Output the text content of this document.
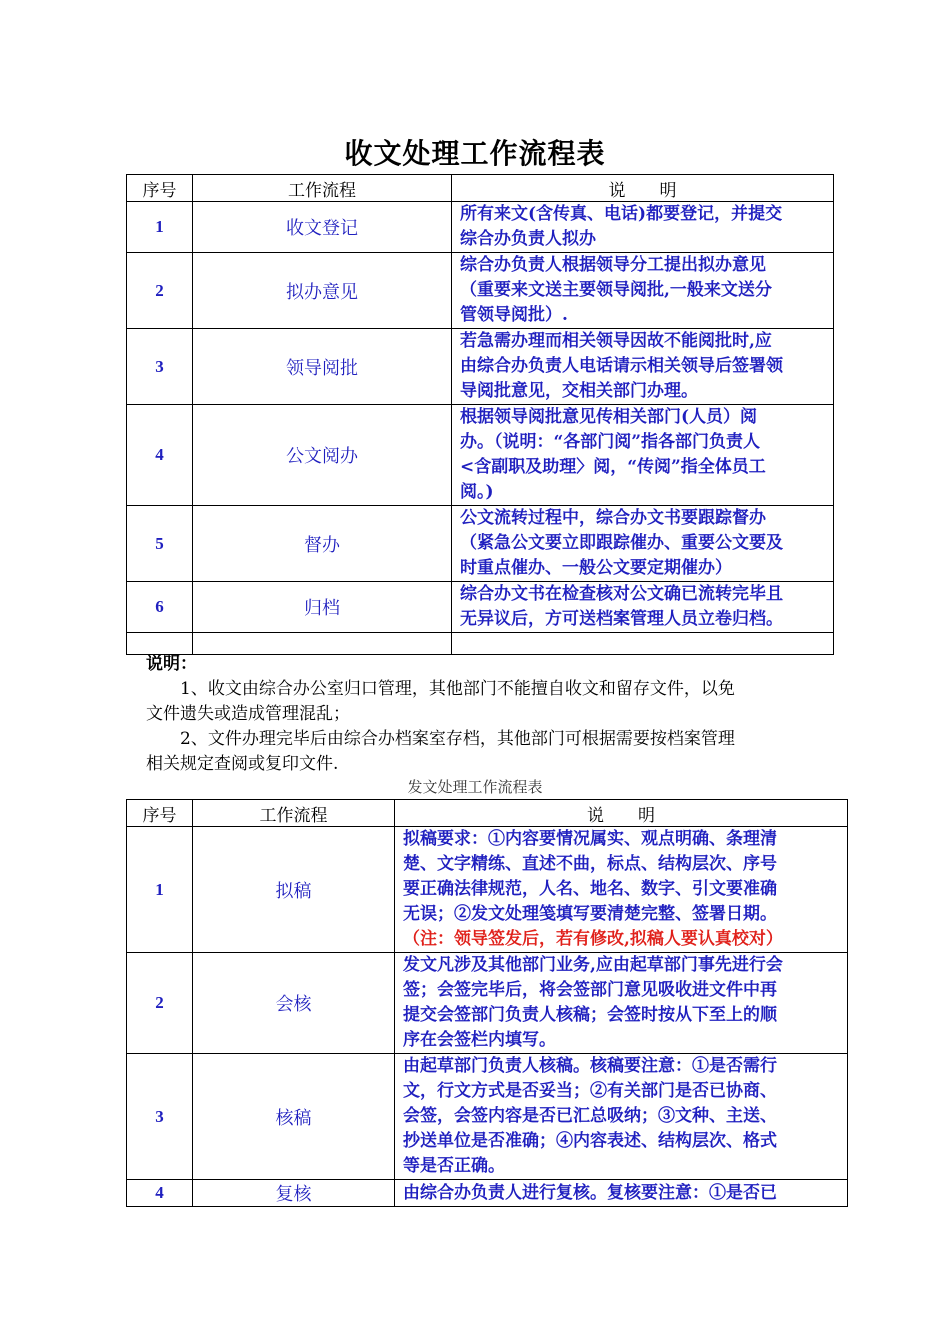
收文处理工作流程表
序号	工作流程	说　　明
1	收文登记	所有来文(含传真、电话)都要登记，并提交
综合办负责人拟办

2	拟办意见	综合办负责人根据领导分工提出拟办意见
（重要来文送主要领导阅批,一般来文送分
管领导阅批）.

3	领导阅批	若急需办理而相关领导因故不能阅批时,应
由综合办负责人电话请示相关领导后签署领
导阅批意见，交相关部门办理。

4	公文阅办	根据领导阅批意见传相关部门(人员）阅
办。（说明：“各部门阅”指各部门负责人
<含副职及助理〉阅，“传阅”指全体员工
阅。)

5	督办	公文流转过程中，综合办文书要跟踪督办
（紧急公文要立即跟踪催办、重要公文要及
时重点催办、一般公文要定期催办）

6	归档	综合办文书在检查核对公文确已流转完毕且
无异议后，方可送档案管理人员立卷归档。

说明：

1、收文由综合办公室归口管理，其他部门不能擅自收文和留存文件，以免

文件遗失或造成管理混乱；

2、文件办理完毕后由综合办档案室存档，其他部门可根据需要按档案管理

相关规定查阅或复印文件.

发文处理工作流程表
序号	工作流程	说　　明
1	拟稿	拟稿要求：①内容要情况属实、观点明确、条理清
楚、文字精练、直述不曲，标点、结构层次、序号
要正确法律规范，人名、地名、数字、引文要准确
无误；②发文处理笺填写要清楚完整、签署日期。
（注：领导签发后，若有修改,拟稿人要认真校对）

2	会核	发文凡涉及其他部门业务,应由起草部门事先进行会
签；会签完毕后，将会签部门意见吸收进文件中再
提交会签部门负责人核稿；会签时按从下至上的顺
序在会签栏内填写。

3	核稿	由起草部门负责人核稿。核稿要注意：①是否需行
文，行文方式是否妥当；②有关部门是否已协商、
会签，会签内容是否已汇总吸纳；③文种、主送、
抄送单位是否准确；④内容表述、结构层次、格式
等是否正确。

4	复核	由综合办负责人进行复核。复核要注意：①是否已
